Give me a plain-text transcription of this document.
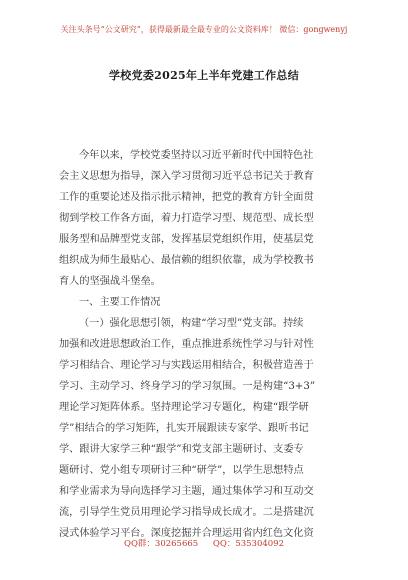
关注头条号“公文研究”，获得最新最全最专业的公文资料库！ 微信：gongwenyj
学校党委2025年上半年党建工作总结
今年以来，学校党委坚持以习近平新时代中国特色社
会主义思想为指导，深入学习贯彻习近平总书记关于教育
工作的重要论述及指示批示精神，把党的教育方针全面贯
彻到学校工作各方面，着力打造学习型、规范型、成长型
服务型和品牌型党支部，发挥基层党组织作用，使基层党
组织成为师生最贴心、最信赖的组织依靠，成为学校教书
育人的坚强战斗堡垒。
一、主要工作情况
（一）强化思想引领，构建“学习型”党支部。持续
加强和改进思想政治工作，重点推进系统性学习与针对性
学习相结合、理论学习与实践运用相结合，积极营造善于
学习、主动学习、终身学习的学习氛围。一是构建“3+3”
理论学习矩阵体系。坚持理论学习专题化，构建“跟学研
学”相结合的学习矩阵，扎实开展跟读专家学、跟听书记
学、跟讲大家学三种“跟学”和党支部主题研讨、支委专
题研讨、党小组专项研讨三种“研学”，以学生思想特点
和学业需求为导向选择学习主题，通过集体学习和互动交
流，引导学生党员用理论学习指导成长成才。二是搭建沉
浸式体验学习平台。深度挖掘并合理运用省内红色文化资
QQ群：30265665 QQ：535304092
